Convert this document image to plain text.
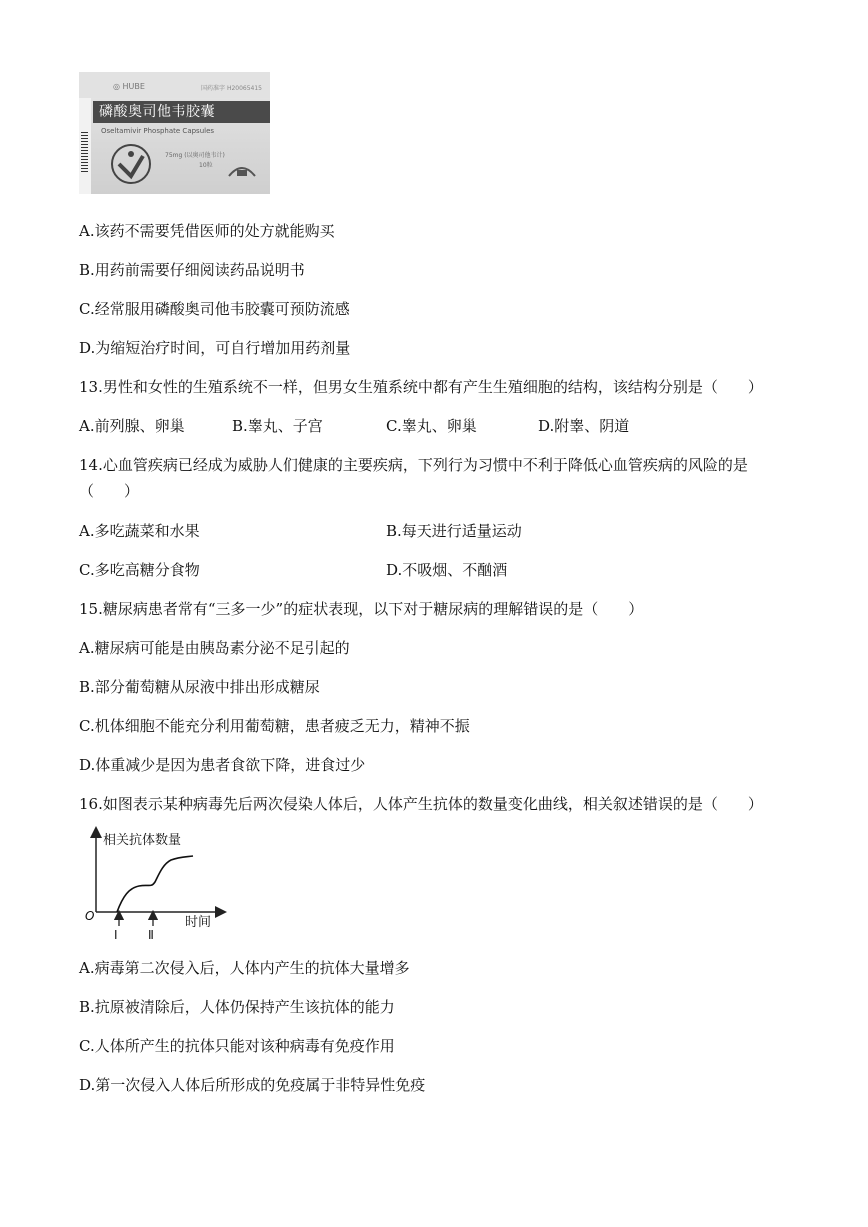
◎ HUBE	国药准字 H20065415
磷酸奥司他韦胶囊
Oseltamivir Phosphate Capsules
75mg (以奥司他韦计)
10粒
A.该药不需要凭借医师的处方就能购买
B.用药前需要仔细阅读药品说明书
C.经常服用磷酸奥司他韦胶囊可预防流感
D.为缩短治疗时间，可自行增加用药剂量
13.男性和女性的生殖系统不一样，但男女生殖系统中都有产生生殖细胞的结构，该结构分别是（　　）
A.前列腺、卵巢	B.睾丸、子宫	C.睾丸、卵巢	D.附睾、阴道
14.心血管疾病已经成为威胁人们健康的主要疾病，下列行为习惯中不利于降低心血管疾病的风险的是
（　　）
A.多吃蔬菜和水果	B.每天进行适量运动
C.多吃高糖分食物	D.不吸烟、不酗酒
15.糖尿病患者常有“三多一少”的症状表现，以下对于糖尿病的理解错误的是（　　）
A.糖尿病可能是由胰岛素分泌不足引起的
B.部分葡萄糖从尿液中排出形成糖尿
C.机体细胞不能充分利用葡萄糖，患者疲乏无力，精神不振
D.体重减少是因为患者食欲下降，进食过少
16.如图表示某种病毒先后两次侵染人体后，人体产生抗体的数量变化曲线，相关叙述错误的是（　　）
相关抗体数量
时间
O
Ⅰ	Ⅱ
A.病毒第二次侵入后，人体内产生的抗体大量增多
B.抗原被清除后，人体仍保持产生该抗体的能力
C.人体所产生的抗体只能对该种病毒有免疫作用
D.第一次侵入人体后所形成的免疫属于非特异性免疫
